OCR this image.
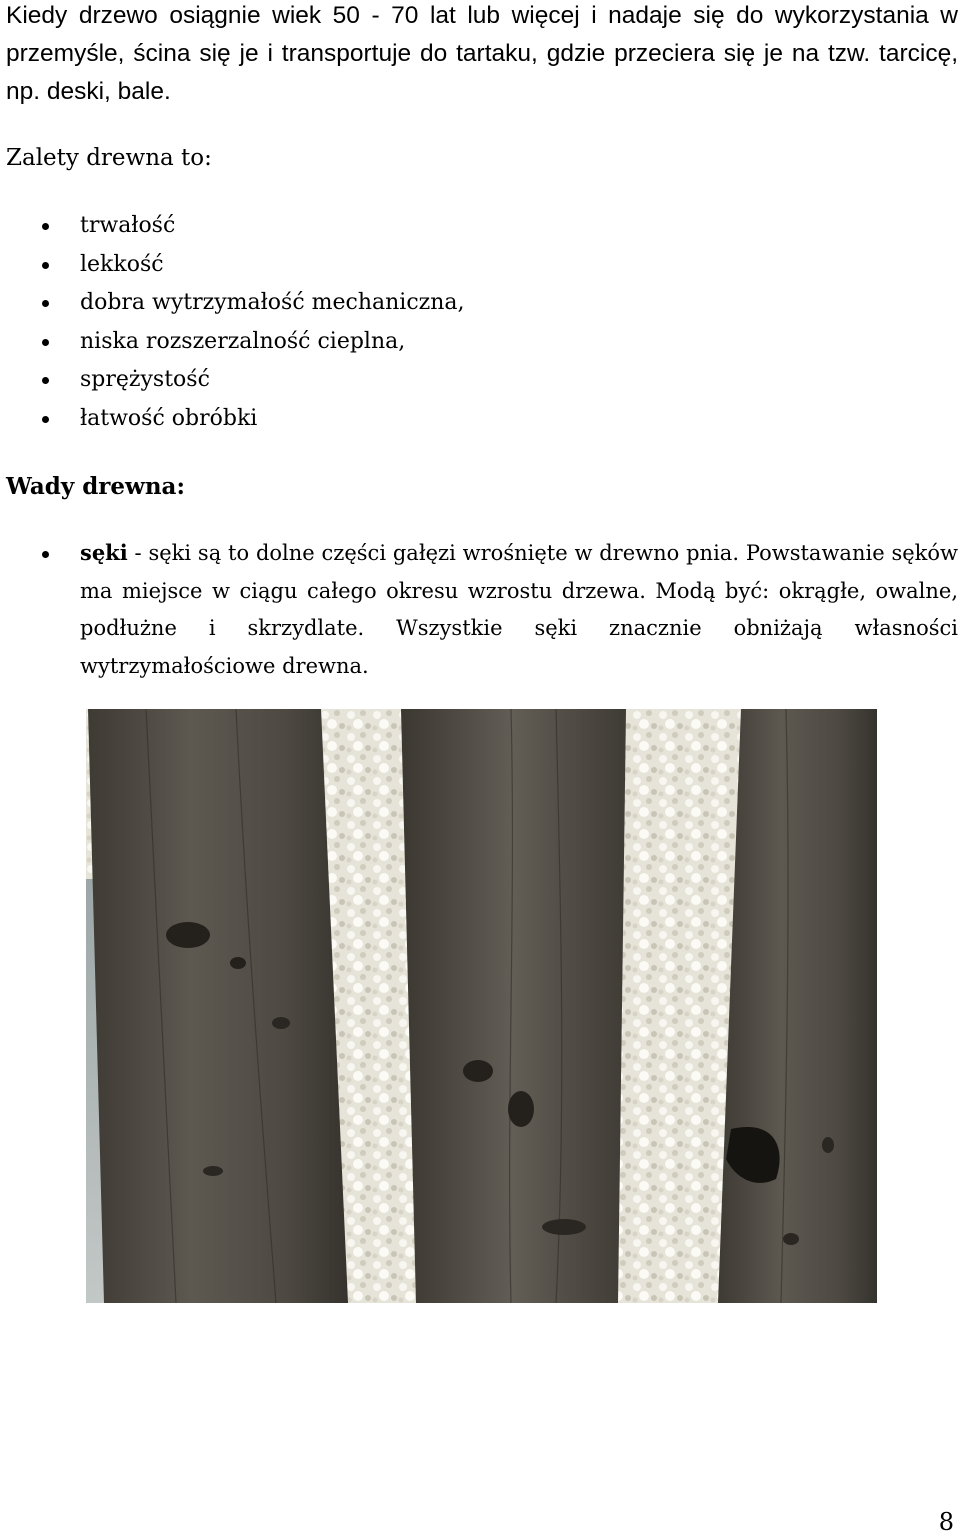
Kiedy drzewo osiągnie wiek 50 - 70 lat lub więcej i nadaje się do wykorzystania w przemyśle, ścina się je i transportuje do tartaku, gdzie przeciera się je na tzw. tarcicę, np. deski, bale.

Zalety drewna to:
trwałość
lekkość
dobra wytrzymałość mechaniczna,
niska rozszerzalność cieplna,
sprężystość
łatwość obróbki
Wady drewna:

sęki - sęki są to dolne części gałęzi wrośnięte w drewno pnia. Powstawanie sęków ma miejsce w ciągu całego okresu wzrostu drzewa. Modą być: okrągłe, owalne, podłużne i skrzydlate. Wszystkie sęki znacznie obniżają własności wytrzymałościowe drewna.

8
